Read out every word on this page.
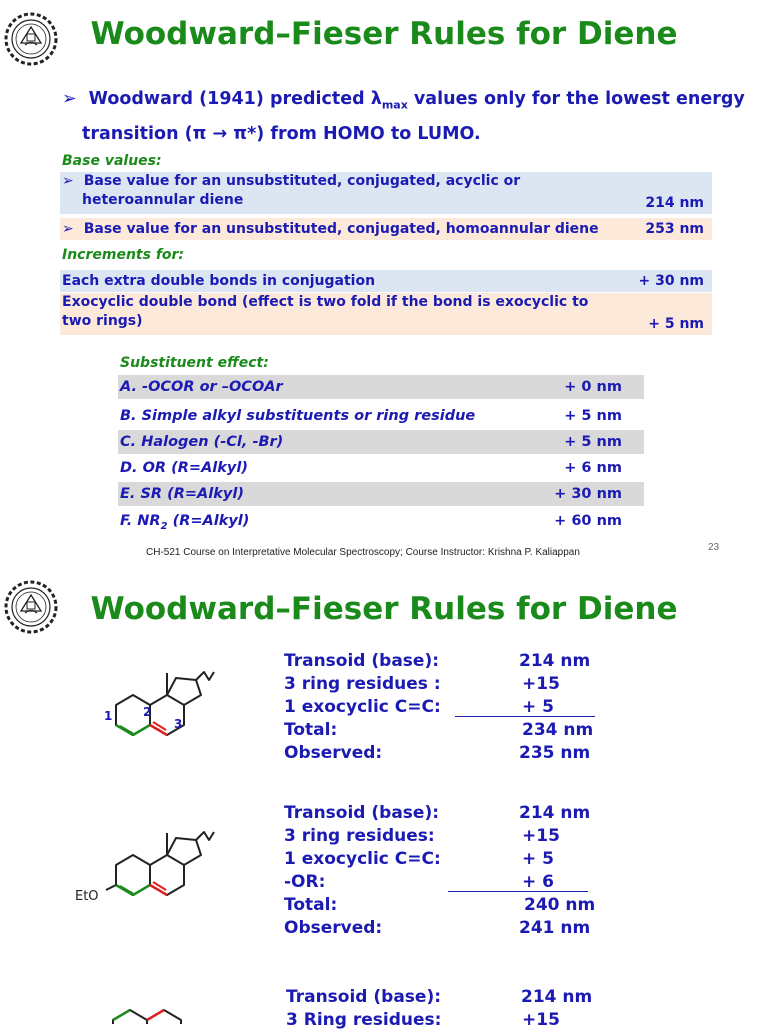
Woodward–Fieser Rules for Diene
➢ Woodward (1941) predicted $\lambda_{max}$ values only for the lowest energy
transition (π → π*) from HOMO to LUMO.
Base values:
➢ Base value for an unsubstituted, conjugated, acyclic or
heteroannular diene	214 nm
➢ Base value for an unsubstituted, conjugated, homoannular diene	253 nm
Increments for:
Each extra double bonds in conjugation	+ 30 nm
Exocyclic double bond (effect is two fold if the bond is exocyclic to
two rings)	+ 5 nm
Substituent effect:
A. -OCOR or –OCOAr	+ 0 nm
B. Simple alkyl substituents or ring residue	+ 5 nm
C. Halogen (-Cl, -Br)	+ 5 nm
D. OR (R=Alkyl)	+ 6 nm
E. SR (R=Alkyl)	+ 30 nm
F. $NR_2$ (R=Alkyl)	+ 60 nm
CH-521 Course on Interpretative Molecular Spectroscopy; Course Instructor: Krishna P. Kaliappan	23
Woodward–Fieser Rules for Diene
1	2
3
Transoid (base):	214 nm
3 ring residues :	+15
1 exocyclic C=C:	+ 5
Total:	234 nm
Observed:	235 nm
EtO
Transoid (base):	214 nm
3 ring residues:	+15
1 exocyclic C=C:	+ 5
-OR:	+ 6
Total:	240 nm
Observed:	241 nm
Transoid (base):	214 nm
3 Ring residues:	+15
